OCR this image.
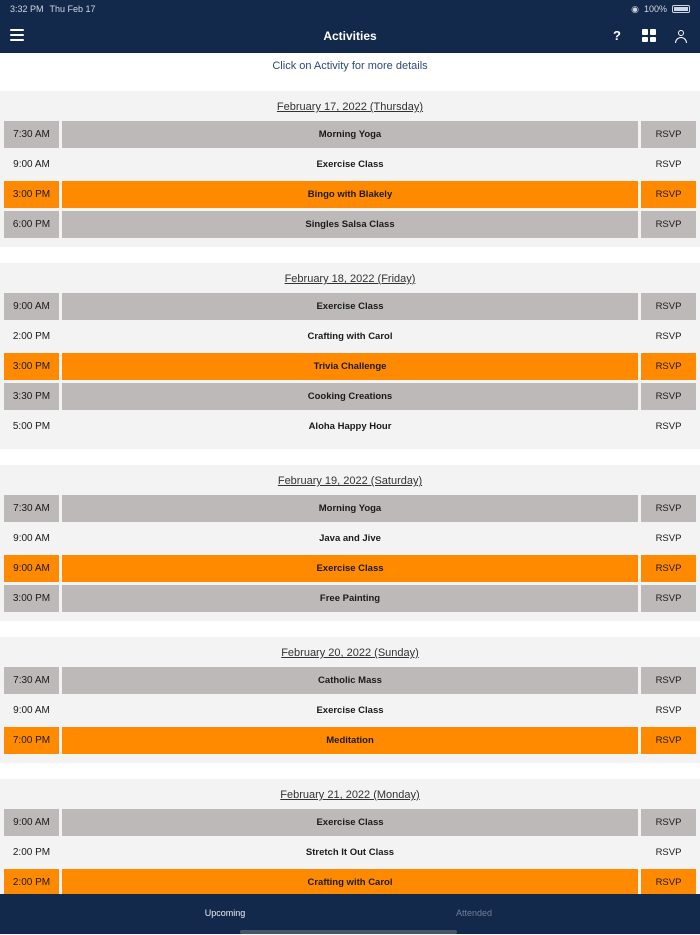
3:32 PM Thu Feb 17	◉ 100%
Activities	?
Click on Activity for more details
February 17, 2022 (Thursday)
7:30 AM	Morning Yoga	RSVP
9:00 AM	Exercise Class	RSVP
3:00 PM	Bingo with Blakely	RSVP
6:00 PM	Singles Salsa Class	RSVP
February 18, 2022 (Friday)
9:00 AM	Exercise Class	RSVP
2:00 PM	Crafting with Carol	RSVP
3:00 PM	Trivia Challenge	RSVP
3:30 PM	Cooking Creations	RSVP
5:00 PM	Aloha Happy Hour	RSVP
February 19, 2022 (Saturday)
7:30 AM	Morning Yoga	RSVP
9:00 AM	Java and Jive	RSVP
9:00 AM	Exercise Class	RSVP
3:00 PM	Free Painting	RSVP
February 20, 2022 (Sunday)
7:30 AM	Catholic Mass	RSVP
9:00 AM	Exercise Class	RSVP
7:00 PM	Meditation	RSVP
February 21, 2022 (Monday)
9:00 AM	Exercise Class	RSVP
2:00 PM	Stretch It Out Class	RSVP
2:00 PM	Crafting with Carol	RSVP
Upcoming	Attended
